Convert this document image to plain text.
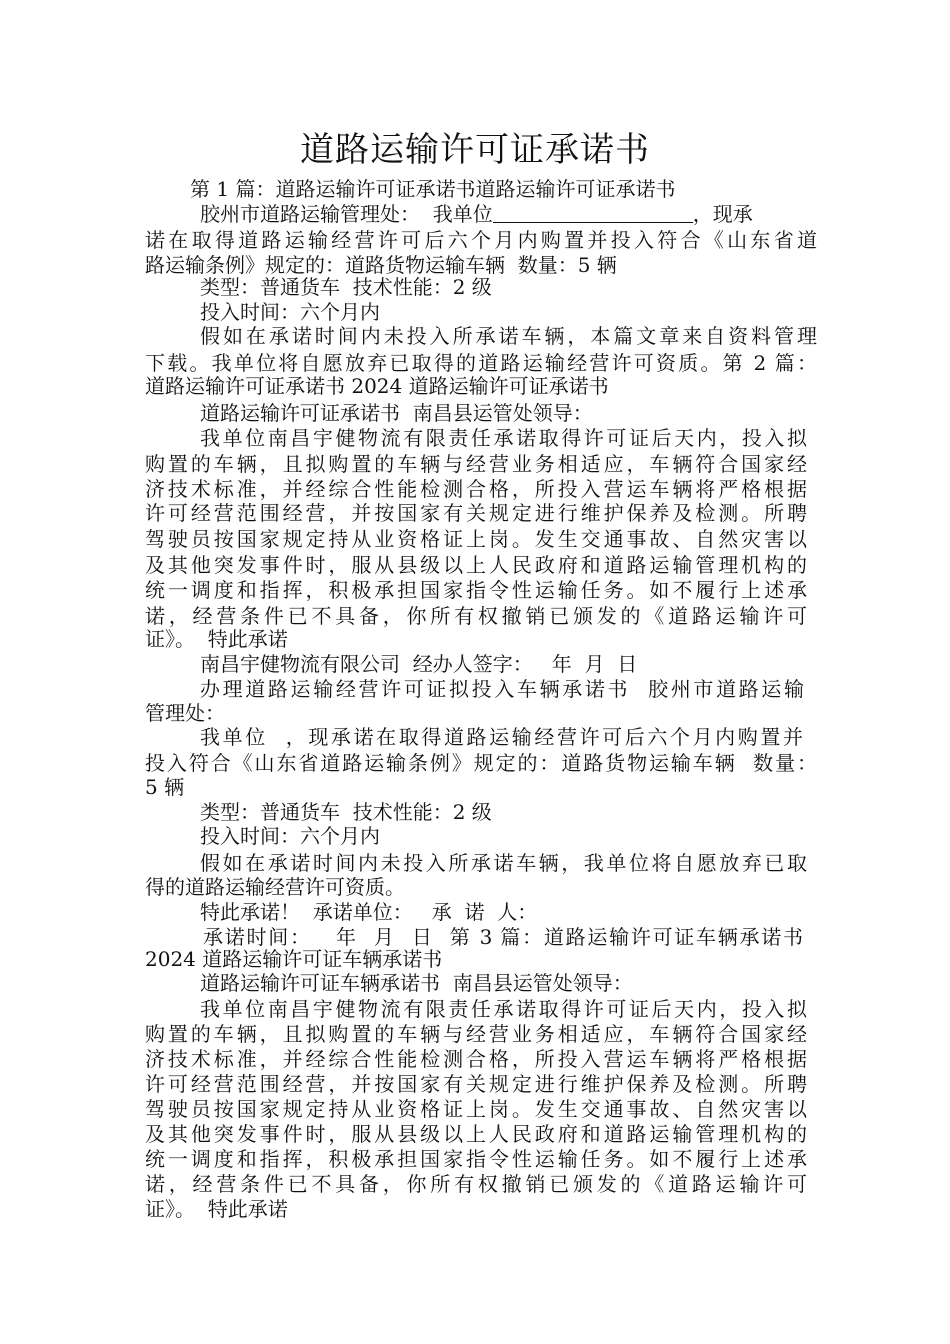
道路运输许可证承诺书
第 1 篇：道路运输许可证承诺书道路运输许可证承诺书
胶州市道路运输管理处：  我单位	，现承
诺在取得道路运输经营许可后六个月内购置并投入符合《山东省道
路运输条例》规定的：道路货物运输车辆  数量：5 辆
类型：普通货车  技术性能：2 级
投入时间：六个月内
假如在承诺时间内未投入所承诺车辆，本篇文章来自资料管理
下载。我单位将自愿放弃已取得的道路运输经营许可资质。第 2 篇：
道路运输许可证承诺书 2024 道路运输许可证承诺书
道路运输许可证承诺书  南昌县运管处领导：
我单位南昌宇健物流有限责任承诺取得许可证后天内，投入拟
购置的车辆，且拟购置的车辆与经营业务相适应，车辆符合国家经
济技术标准，并经综合性能检测合格，所投入营运车辆将严格根据
许可经营范围经营，并按国家有关规定进行维护保养及检测。所聘
驾驶员按国家规定持从业资格证上岗。发生交通事故、自然灾害以
及其他突发事件时，服从县级以上人民政府和道路运输管理机构的
统一调度和指挥，积极承担国家指令性运输任务。如不履行上述承
诺，经营条件已不具备，你所有权撤销已颁发的《道路运输许可
证》。  特此承诺
南昌宇健物流有限公司  经办人签字：   年  月  日
办理道路运输经营许可证拟投入车辆承诺书  胶州市道路运输
管理处：
我单位  ，现承诺在取得道路运输经营许可后六个月内购置并
投入符合《山东省道路运输条例》规定的：道路货物运输车辆  数量：
5 辆
类型：普通货车  技术性能：2 级
投入时间：六个月内
假如在承诺时间内未投入所承诺车辆，我单位将自愿放弃已取
得的道路运输经营许可资质。
特此承诺！  承诺单位：   承  诺  人：
承诺时间：   年  月  日  第 3 篇：道路运输许可证车辆承诺书
2024 道路运输许可证车辆承诺书
道路运输许可证车辆承诺书  南昌县运管处领导：
我单位南昌宇健物流有限责任承诺取得许可证后天内，投入拟
购置的车辆，且拟购置的车辆与经营业务相适应，车辆符合国家经
济技术标准，并经综合性能检测合格，所投入营运车辆将严格根据
许可经营范围经营，并按国家有关规定进行维护保养及检测。所聘
驾驶员按国家规定持从业资格证上岗。发生交通事故、自然灾害以
及其他突发事件时，服从县级以上人民政府和道路运输管理机构的
统一调度和指挥，积极承担国家指令性运输任务。如不履行上述承
诺，经营条件已不具备，你所有权撤销已颁发的《道路运输许可
证》。  特此承诺
